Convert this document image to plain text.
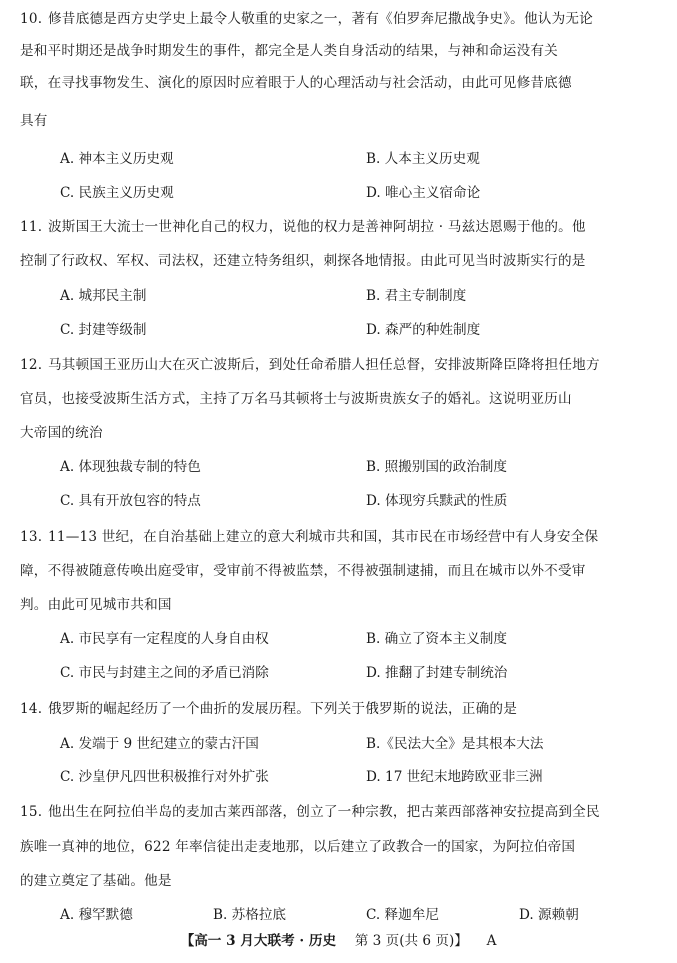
10. 修昔底德是西方史学史上最令人敬重的史家之一，著有《伯罗奔尼撒战争史》。他认为无论
是和平时期还是战争时期发生的事件，都完全是人类自身活动的结果，与神和命运没有关
联，在寻找事物发生、演化的原因时应着眼于人的心理活动与社会活动，由此可见修昔底德
具有
A. 神本主义历史观	B. 人本主义历史观
C. 民族主义历史观	D. 唯心主义宿命论
11. 波斯国王大流士一世神化自己的权力，说他的权力是善神阿胡拉 · 马兹达恩赐于他的。他
控制了行政权、军权、司法权，还建立特务组织，刺探各地情报。由此可见当时波斯实行的是
A. 城邦民主制	B. 君主专制制度
C. 封建等级制	D. 森严的种姓制度
12. 马其顿国王亚历山大在灭亡波斯后，到处任命希腊人担任总督，安排波斯降臣降将担任地方
官员，也接受波斯生活方式，主持了万名马其顿将士与波斯贵族女子的婚礼。这说明亚历山
大帝国的统治
A. 体现独裁专制的特色	B. 照搬别国的政治制度
C. 具有开放包容的特点	D. 体现穷兵黩武的性质
13. 11—13 世纪，在自治基础上建立的意大利城市共和国，其市民在市场经营中有人身安全保
障，不得被随意传唤出庭受审，受审前不得被监禁，不得被强制逮捕，而且在城市以外不受审
判。由此可见城市共和国
A. 市民享有一定程度的人身自由权	B. 确立了资本主义制度
C. 市民与封建主之间的矛盾已消除	D. 推翻了封建专制统治
14. 俄罗斯的崛起经历了一个曲折的发展历程。下列关于俄罗斯的说法，正确的是
A. 发端于 9 世纪建立的蒙古汗国	B.《民法大全》是其根本大法
C. 沙皇伊凡四世积极推行对外扩张	D. 17 世纪末地跨欧亚非三洲
15. 他出生在阿拉伯半岛的麦加古莱西部落，创立了一种宗教，把古莱西部落神安拉提高到全民
族唯一真神的地位，622 年率信徒出走麦地那，以后建立了政教合一的国家，为阿拉伯帝国
的建立奠定了基础。他是
A. 穆罕默德	B. 苏格拉底	C. 释迦牟尼	D. 源赖朝
【高一 3 月大联考 · 历史 第 3 页(共 6 页)】 A
